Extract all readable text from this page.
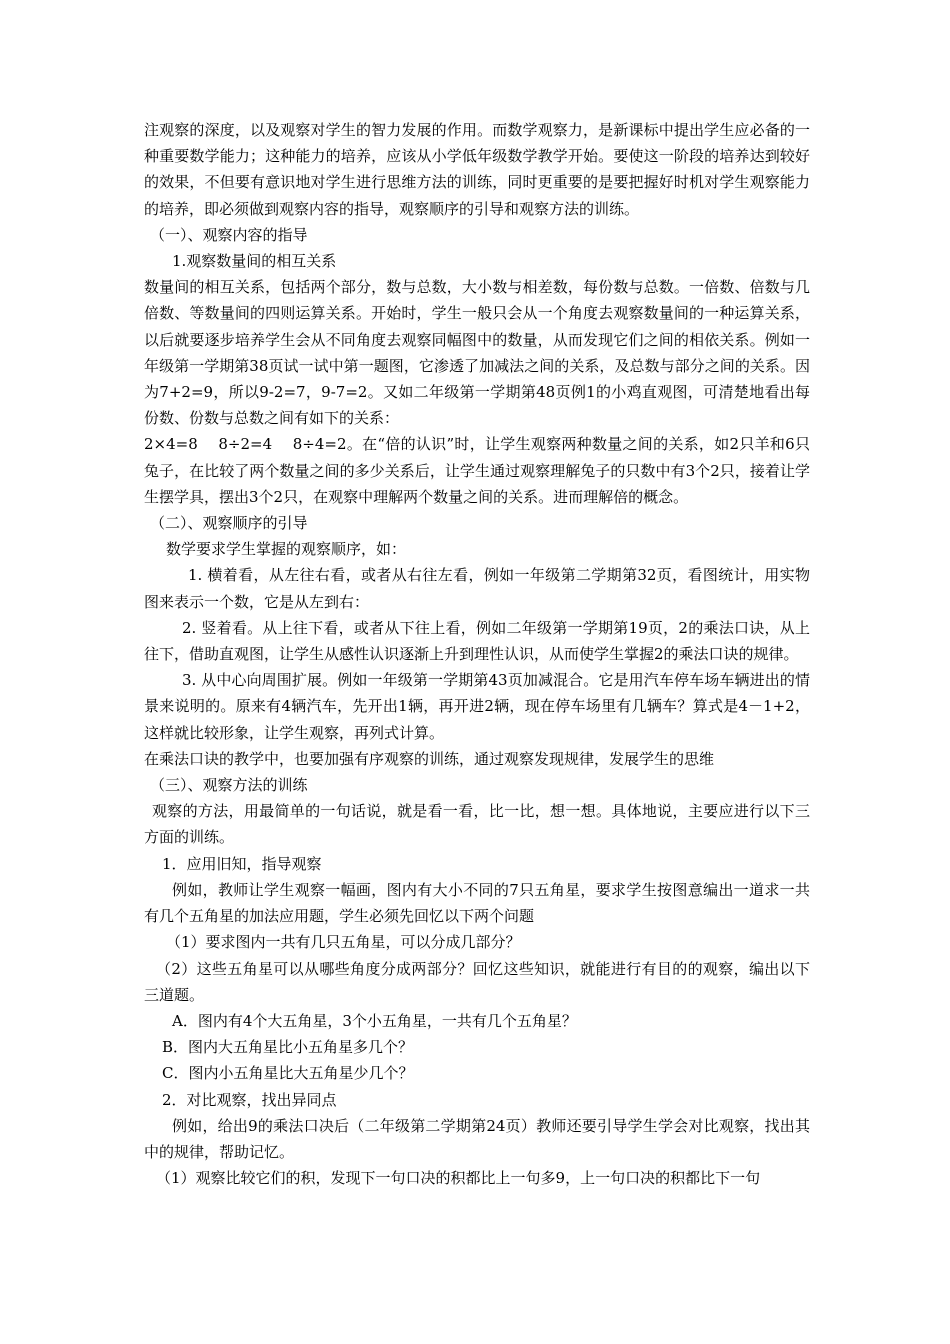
注观察的深度，以及观察对学生的智力发展的作用。而数学观察力，是新课标中提出学生应必备的一种重要数学能力；这种能力的培养，应该从小学低年级数学教学开始。要使这一阶段的培养达到较好的效果，不但要有意识地对学生进行思维方法的训练，同时更重要的是要把握好时机对学生观察能力的培养，即必须做到观察内容的指导，观察顺序的引导和观察方法的训练。

（一）、观察内容的指导

1.观察数量间的相互关系

数量间的相互关系，包括两个部分，数与总数，大小数与相差数，每份数与总数。一倍数、倍数与几倍数、等数量间的四则运算关系。开始时，学生一般只会从一个角度去观察数量间的一种运算关系，以后就要逐步培养学生会从不同角度去观察同幅图中的数量，从而发现它们之间的相依关系。例如一年级第一学期第38页试一试中第一题图，它渗透了加减法之间的关系，及总数与部分之间的关系。因为7+2=9，所以9-2=7，9-7=2。又如二年级第一学期第48页例1的小鸡直观图，可清楚地看出每份数、份数与总数之间有如下的关系：

2×4=8　 8÷2=4　 8÷4=2。在“倍的认识”时，让学生观察两种数量之间的关系，如2只羊和6只兔子，在比较了两个数量之间的多少关系后，让学生通过观察理解兔子的只数中有3个2只，接着让学生摆学具，摆出3个2只，在观察中理解两个数量之间的关系。进而理解倍的概念。

（二）、观察顺序的引导

数学要求学生掌握的观察顺序，如：

1. 横着看，从左往右看，或者从右往左看，例如一年级第二学期第32页，看图统计，用实物图来表示一个数，它是从左到右：

2. 竖着看。从上往下看，或者从下往上看，例如二年级第一学期第19页，2的乘法口诀，从上往下，借助直观图，让学生从感性认识逐渐上升到理性认识，从而使学生掌握2的乘法口诀的规律。

3. 从中心向周围扩展。例如一年级第一学期第43页加减混合。它是用汽车停车场车辆进出的情景来说明的。原来有4辆汽车，先开出1辆，再开进2辆，现在停车场里有几辆车？算式是4－1+2，这样就比较形象，让学生观察，再列式计算。

在乘法口诀的教学中，也要加强有序观察的训练，通过观察发现规律，发展学生的思维

（三）、观察方法的训练

观察的方法，用最简单的一句话说，就是看一看，比一比，想一想。具体地说，主要应进行以下三方面的训练。

1．应用旧知，指导观察

例如，教师让学生观察一幅画，图内有大小不同的7只五角星，要求学生按图意编出一道求一共有几个五角星的加法应用题，学生必须先回忆以下两个问题

（1）要求图内一共有几只五角星，可以分成几部分？

（2）这些五角星可以从哪些角度分成两部分？回忆这些知识，就能进行有目的的观察，编出以下三道题。

A．图内有4个大五角星，3个小五角星，一共有几个五角星？

B．图内大五角星比小五角星多几个？

C．图内小五角星比大五角星少几个？

2．对比观察，找出异同点

例如，给出9的乘法口决后（二年级第二学期第24页）教师还要引导学生学会对比观察，找出其中的规律，帮助记忆。

（1）观察比较它们的积，发现下一句口决的积都比上一句多9，上一句口决的积都比下一句
